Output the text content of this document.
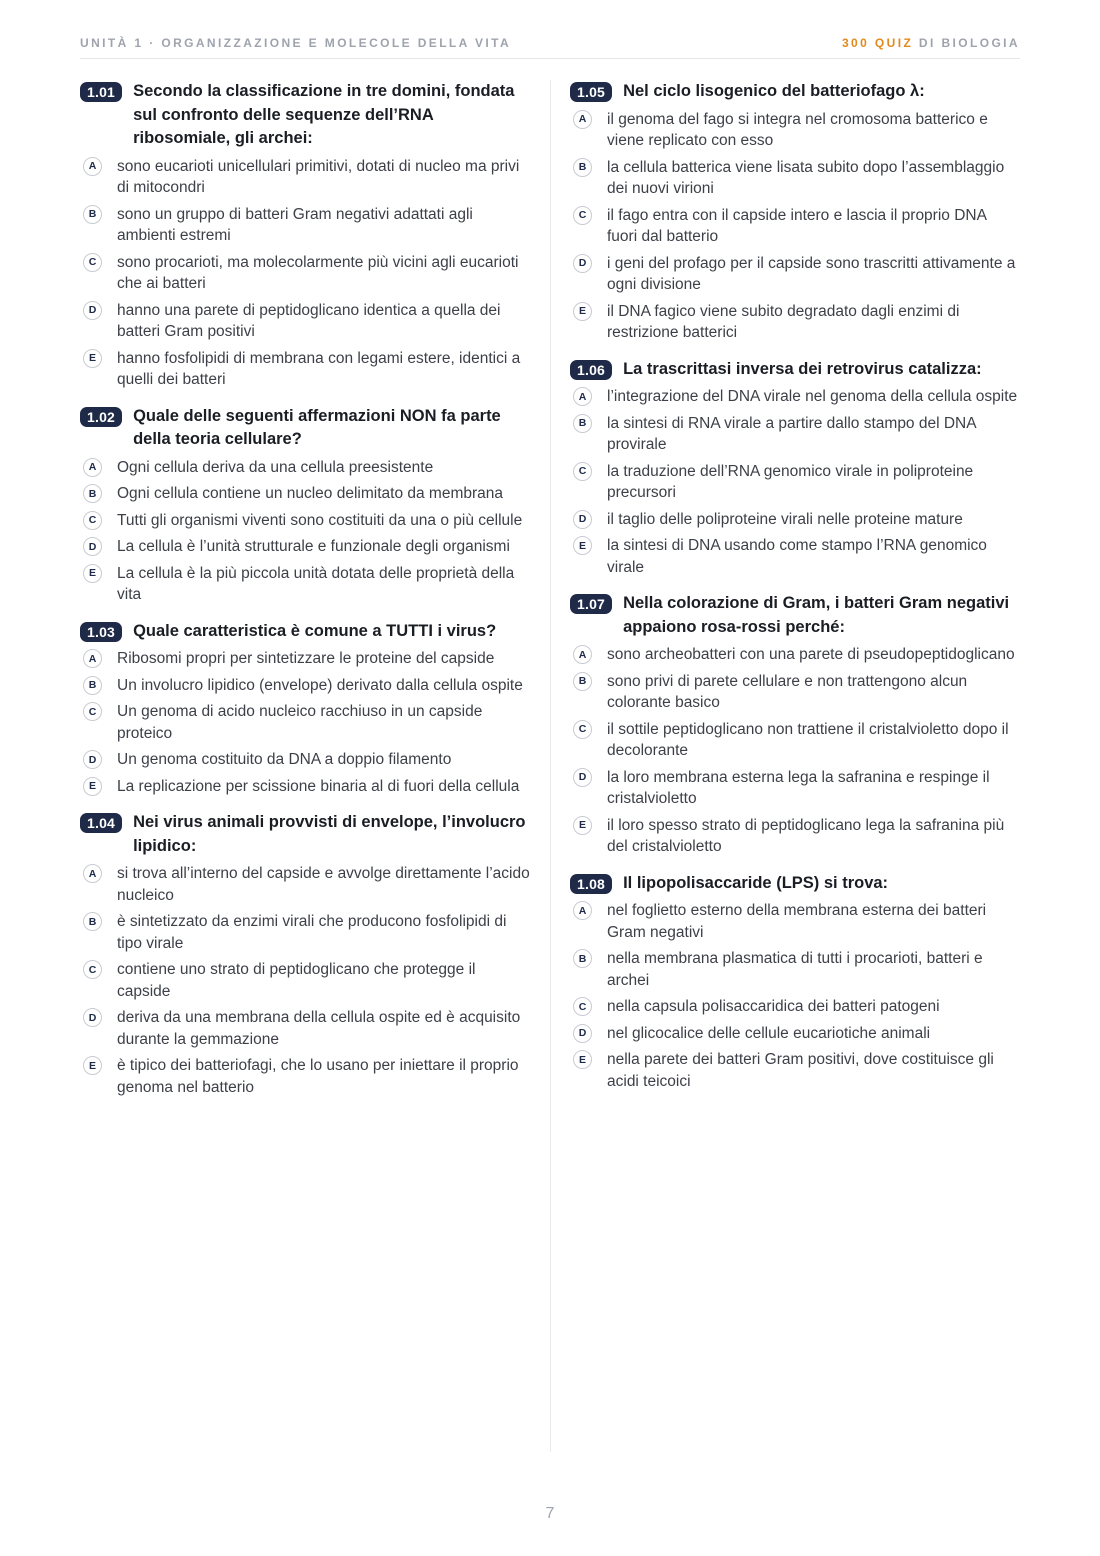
UNITÀ 1 · ORGANIZZAZIONE E MOLECOLE DELLA VITA	300 QUIZ DI BIOLOGIA
1.01	Secondo la classificazione in tre domini, fondata sul confronto delle sequenze dell’RNA ribosomiale, gli archei:
A	sono eucarioti unicellulari primitivi, dotati di nucleo ma privi di mitocondri
B	sono un gruppo di batteri Gram negativi adattati agli ambienti estremi
C	sono procarioti, ma molecolarmente più vicini agli eucarioti che ai batteri
D	hanno una parete di peptidoglicano identica a quella dei batteri Gram positivi
E	hanno fosfolipidi di membrana con legami estere, identici a quelli dei batteri
1.02	Quale delle seguenti affermazioni NON fa parte della teoria cellulare?
A	Ogni cellula deriva da una cellula preesistente
B	Ogni cellula contiene un nucleo delimitato da membrana
C	Tutti gli organismi viventi sono costituiti da una o più cellule
D	La cellula è l’unità strutturale e funzionale degli organismi
E	La cellula è la più piccola unità dotata delle proprietà della vita
1.03	Quale caratteristica è comune a TUTTI i virus?
A	Ribosomi propri per sintetizzare le proteine del capside
B	Un involucro lipidico (envelope) derivato dalla cellula ospite
C	Un genoma di acido nucleico racchiuso in un capside proteico
D	Un genoma costituito da DNA a doppio filamento
E	La replicazione per scissione binaria al di fuori della cellula
1.04	Nei virus animali provvisti di envelope, l’involucro lipidico:
A	si trova all’interno del capside e avvolge direttamente l’acido nucleico
B	è sintetizzato da enzimi virali che producono fosfolipidi di tipo virale
C	contiene uno strato di peptidoglicano che protegge il capside
D	deriva da una membrana della cellula ospite ed è acquisito durante la gemmazione
E	è tipico dei batteriofagi, che lo usano per iniettare il proprio genoma nel batterio
1.05	Nel ciclo lisogenico del batteriofago λ:
A	il genoma del fago si integra nel cromosoma batterico e viene replicato con esso
B	la cellula batterica viene lisata subito dopo l’assemblaggio dei nuovi virioni
C	il fago entra con il capside intero e lascia il proprio DNA fuori dal batterio
D	i geni del profago per il capside sono trascritti attivamente a ogni divisione
E	il DNA fagico viene subito degradato dagli enzimi di restrizione batterici
1.06	La trascrittasi inversa dei retrovirus catalizza:
A	l’integrazione del DNA virale nel genoma della cellula ospite
B	la sintesi di RNA virale a partire dallo stampo del DNA provirale
C	la traduzione dell’RNA genomico virale in poliproteine precursori
D	il taglio delle poliproteine virali nelle proteine mature
E	la sintesi di DNA usando come stampo l’RNA genomico virale
1.07	Nella colorazione di Gram, i batteri Gram negativi appaiono rosa-rossi perché:
A	sono archeobatteri con una parete di pseudopeptidoglicano
B	sono privi di parete cellulare e non trattengono alcun colorante basico
C	il sottile peptidoglicano non trattiene il cristalvioletto dopo il decolorante
D	la loro membrana esterna lega la safranina e respinge il cristalvioletto
E	il loro spesso strato di peptidoglicano lega la safranina più del cristalvioletto
1.08	Il lipopolisaccaride (LPS) si trova:
A	nel foglietto esterno della membrana esterna dei batteri Gram negativi
B	nella membrana plasmatica di tutti i procarioti, batteri e archei
C	nella capsula polisaccaridica dei batteri patogeni
D	nel glicocalice delle cellule eucariotiche animali
E	nella parete dei batteri Gram positivi, dove costituisce gli acidi teicoici
7
